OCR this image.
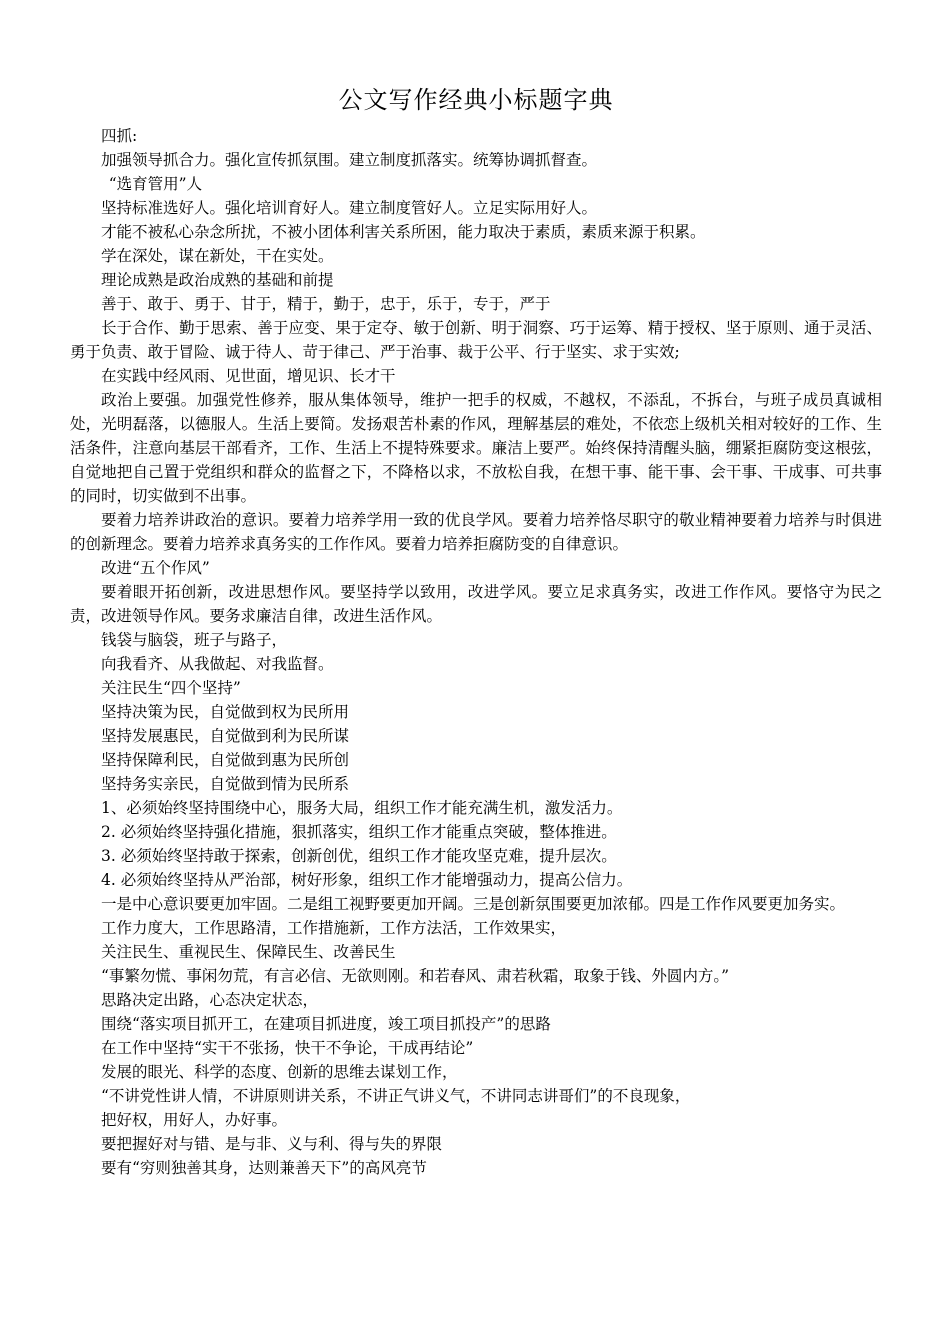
公文写作经典小标题字典

四抓:

加强领导抓合力。强化宣传抓氛围。建立制度抓落实。统筹协调抓督查。

“选育管用”人

坚持标准选好人。强化培训育好人。建立制度管好人。立足实际用好人。

才能不被私心杂念所扰，不被小团体利害关系所困，能力取决于素质，素质来源于积累。

学在深处，谋在新处，干在实处。

理论成熟是政治成熟的基础和前提

善于、敢于、勇于、甘于，精于，勤于，忠于，乐于，专于，严于

长于合作、勤于思索、善于应变、果于定夺、敏于创新、明于洞察、巧于运筹、精于授权、坚于原则、通于灵活、勇于负责、敢于冒险、诚于待人、苛于律己、严于治事、裁于公平、行于坚实、求于实效;

在实践中经风雨、见世面，增见识、长才干

政治上要强。加强党性修养，服从集体领导，维护一把手的权威，不越权，不添乱，不拆台，与班子成员真诚相处，光明磊落，以德服人。生活上要简。发扬艰苦朴素的作风，理解基层的难处，不依恋上级机关相对较好的工作、生活条件，注意向基层干部看齐，工作、生活上不提特殊要求。廉洁上要严。始终保持清醒头脑，绷紧拒腐防变这根弦，自觉地把自己置于党组织和群众的监督之下，不降格以求，不放松自我，在想干事、能干事、会干事、干成事、可共事的同时，切实做到不出事。

要着力培养讲政治的意识。要着力培养学用一致的优良学风。要着力培养恪尽职守的敬业精神要着力培养与时俱进的创新理念。要着力培养求真务实的工作作风。要着力培养拒腐防变的自律意识。

改进“五个作风”

要着眼开拓创新，改进思想作风。要坚持学以致用，改进学风。要立足求真务实，改进工作作风。要恪守为民之责，改进领导作风。要务求廉洁自律，改进生活作风。

钱袋与脑袋，班子与路子，

向我看齐、从我做起、对我监督。

关注民生“四个坚持”

坚持决策为民，自觉做到权为民所用

坚持发展惠民，自觉做到利为民所谋

坚持保障利民，自觉做到惠为民所创

坚持务实亲民，自觉做到情为民所系

1、必须始终坚持围绕中心，服务大局，组织工作才能充满生机，激发活力。

2. 必须始终坚持强化措施，狠抓落实，组织工作才能重点突破，整体推进。

3. 必须始终坚持敢于探索，创新创优，组织工作才能攻坚克难，提升层次。

4. 必须始终坚持从严治部，树好形象，组织工作才能增强动力，提高公信力。

一是中心意识要更加牢固。二是组工视野要更加开阔。三是创新氛围要更加浓郁。四是工作作风要更加务实。

工作力度大，工作思路清，工作措施新，工作方法活，工作效果实，

关注民生、重视民生、保障民生、改善民生

“事繁勿慌、事闲勿荒，有言必信、无欲则刚。和若春风、肃若秋霜，取象于钱、外圆内方。”

思路决定出路，心态决定状态，

围绕“落实项目抓开工，在建项目抓进度，竣工项目抓投产”的思路

在工作中坚持“实干不张扬，快干不争论，干成再结论”

发展的眼光、科学的态度、创新的思维去谋划工作，

“不讲党性讲人情，不讲原则讲关系，不讲正气讲义气，不讲同志讲哥们”的不良现象，

把好权，用好人，办好事。

要把握好对与错、是与非、义与利、得与失的界限

要有“穷则独善其身，达则兼善天下”的高风亮节
